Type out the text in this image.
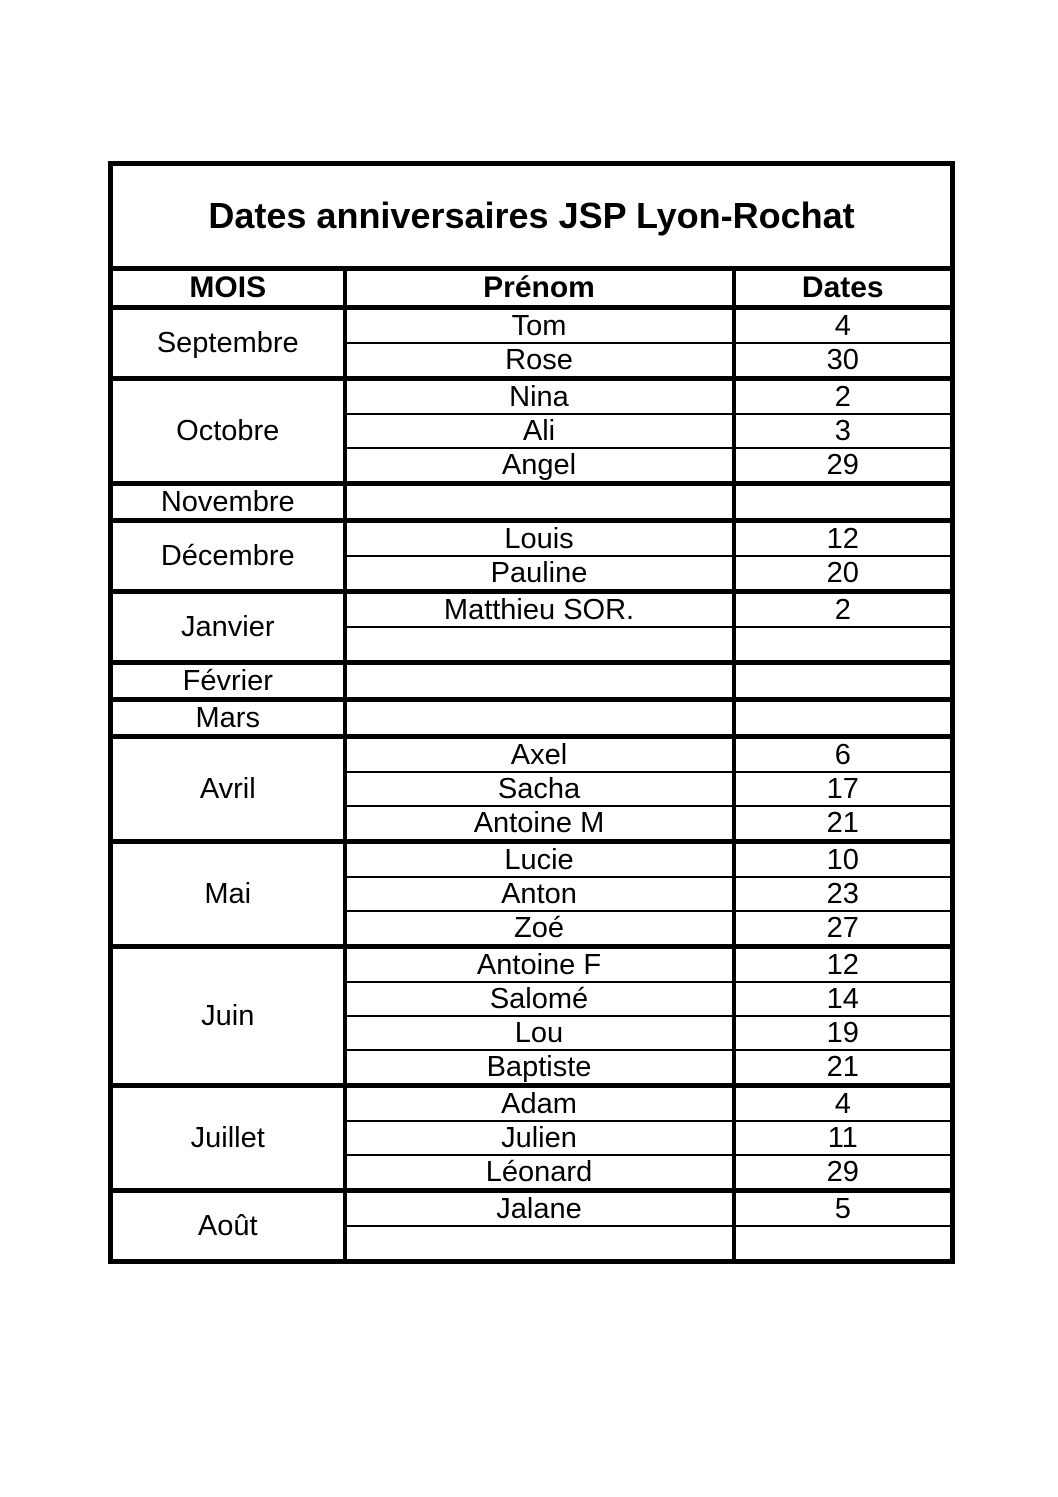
Dates anniversaires JSP Lyon-Rochat		
MOIS	Prénom	Dates
Septembre	Tom	4
	Rose	30
Octobre	Nina	2
	Ali	3
	Angel	29
Novembre		
Décembre	Louis	12
	Pauline	20
Janvier	Matthieu SOR.	2

Février		
Mars		
Avril	Axel	6
	Sacha	17
	Antoine M	21
Mai	Lucie	10
	Anton	23
	Zoé	27
Juin	Antoine F	12
	Salomé	14
	Lou	19
	Baptiste	21
Juillet	Adam	4
	Julien	11
	Léonard	29
Août	Jalane	5
